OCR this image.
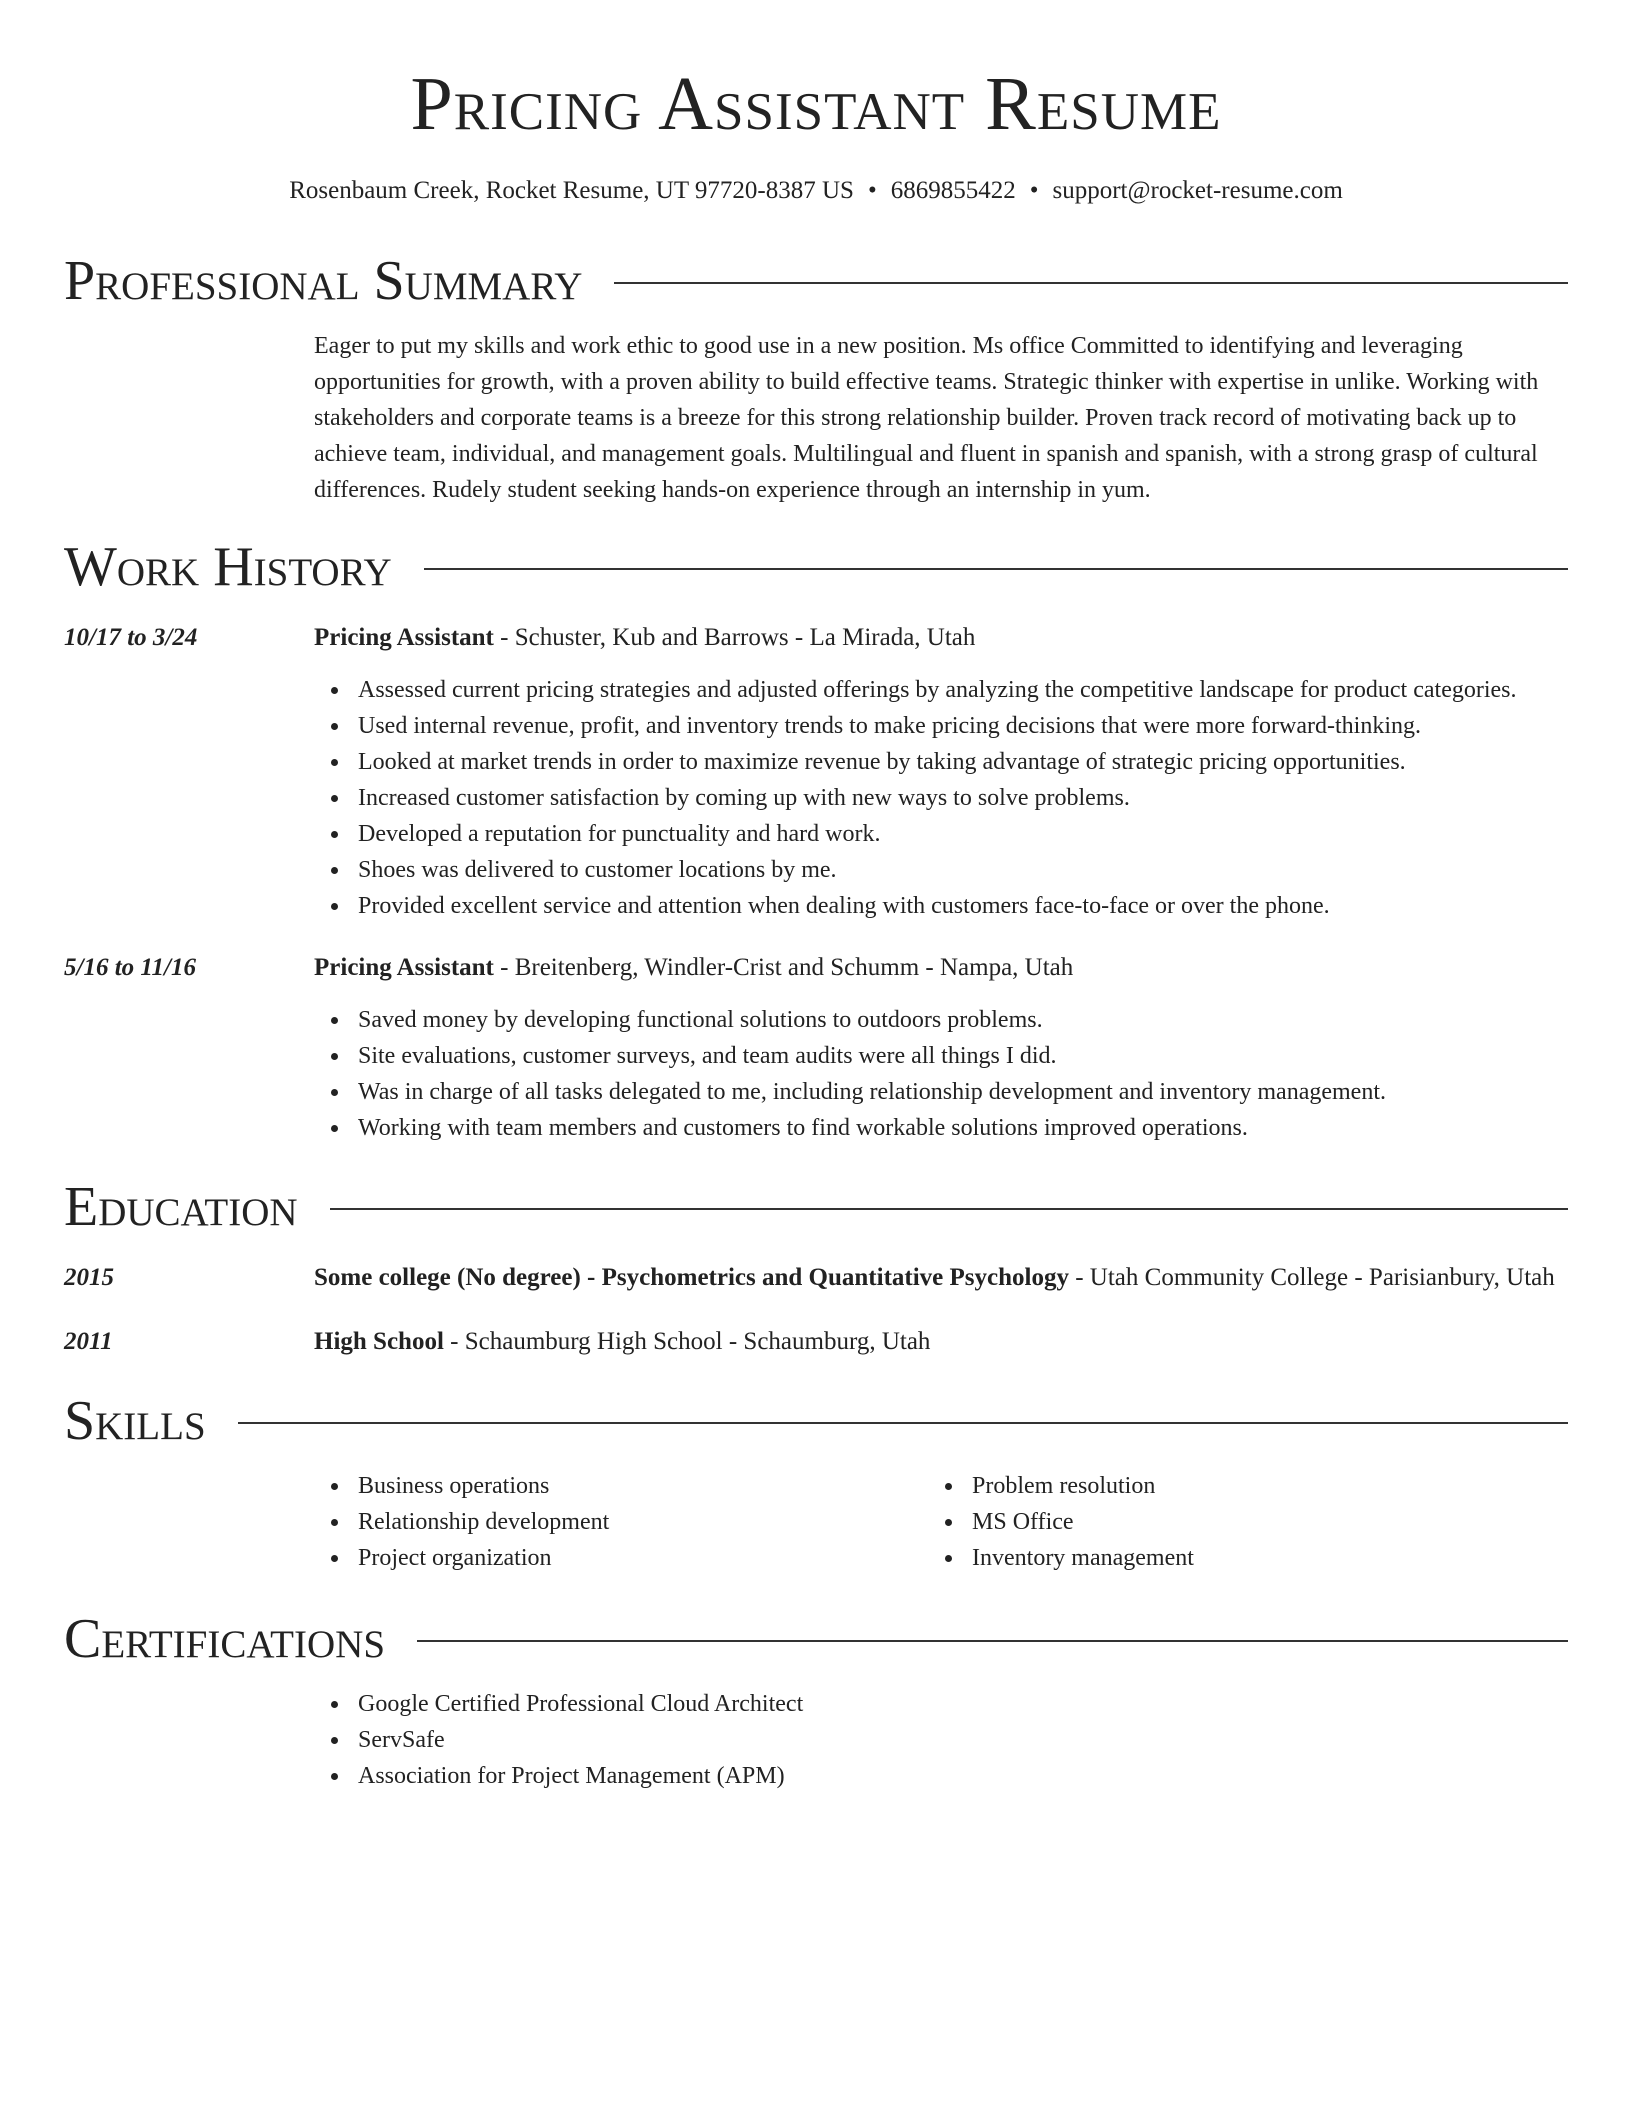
Pricing Assistant Resume
Rosenbaum Creek, Rocket Resume, UT 97720-8387 US • 6869855422 • support@rocket-resume.com
Professional Summary
Eager to put my skills and work ethic to good use in a new position. Ms office Committed to identifying and leveraging opportunities for growth, with a proven ability to build effective teams. Strategic thinker with expertise in unlike. Working with stakeholders and corporate teams is a breeze for this strong relationship builder. Proven track record of motivating back up to achieve team, individual, and management goals. Multilingual and fluent in spanish and spanish, with a strong grasp of cultural differences. Rudely student seeking hands-on experience through an internship in yum.
Work History
10/17 to 3/24	Pricing Assistant - Schuster, Kub and Barrows - La Mirada, Utah
Assessed current pricing strategies and adjusted offerings by analyzing the competitive landscape for product categories.
Used internal revenue, profit, and inventory trends to make pricing decisions that were more forward-thinking.
Looked at market trends in order to maximize revenue by taking advantage of strategic pricing opportunities.
Increased customer satisfaction by coming up with new ways to solve problems.
Developed a reputation for punctuality and hard work.
Shoes was delivered to customer locations by me.
Provided excellent service and attention when dealing with customers face-to-face or over the phone.
5/16 to 11/16	Pricing Assistant - Breitenberg, Windler-Crist and Schumm - Nampa, Utah
Saved money by developing functional solutions to outdoors problems.
Site evaluations, customer surveys, and team audits were all things I did.
Was in charge of all tasks delegated to me, including relationship development and inventory management.
Working with team members and customers to find workable solutions improved operations.
Education
2015	Some college (No degree) - Psychometrics and Quantitative Psychology - Utah Community College - Parisianbury, Utah
2011	High School - Schaumburg High School - Schaumburg, Utah
Skills
Business operations
Relationship development
Project organization
Problem resolution
MS Office
Inventory management
Certifications
Google Certified Professional Cloud Architect
ServSafe
Association for Project Management (APM)
